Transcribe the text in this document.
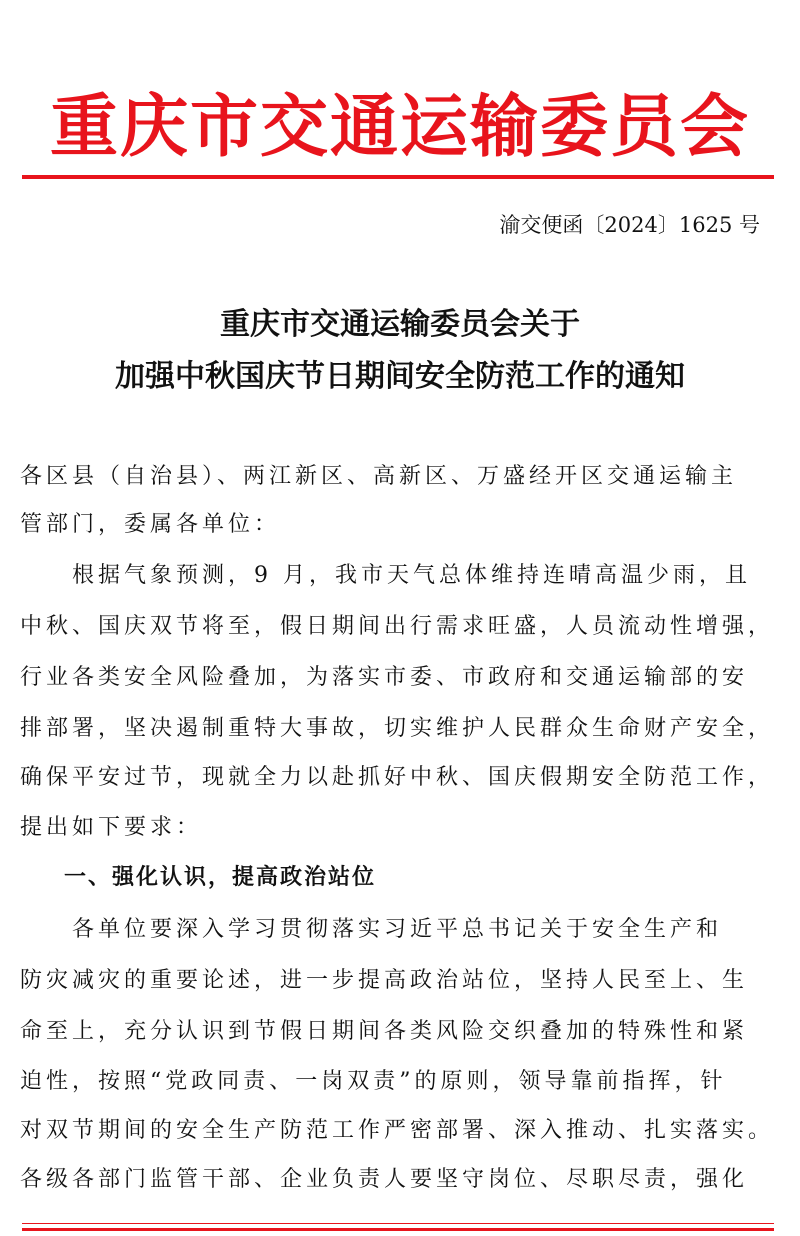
重庆市交通运输委员会
渝交便函〔2024〕1625 号
重庆市交通运输委员会关于
加强中秋国庆节日期间安全防范工作的通知
各区县（自治县）、两江新区、高新区、万盛经开区交通运输主
管部门，委属各单位：
　　根据气象预测，9 月，我市天气总体维持连晴高温少雨，且
中秋、国庆双节将至，假日期间出行需求旺盛，人员流动性增强，
行业各类安全风险叠加，为落实市委、市政府和交通运输部的安
排部署，坚决遏制重特大事故，切实维护人民群众生命财产安全，
确保平安过节，现就全力以赴抓好中秋、国庆假期安全防范工作，
提出如下要求：
一、强化认识，提高政治站位
　　各单位要深入学习贯彻落实习近平总书记关于安全生产和
防灾减灾的重要论述，进一步提高政治站位，坚持人民至上、生
命至上，充分认识到节假日期间各类风险交织叠加的特殊性和紧
迫性，按照“党政同责、一岗双责”的原则，领导靠前指挥，针
对双节期间的安全生产防范工作严密部署、深入推动、扎实落实。
各级各部门监管干部、企业负责人要坚守岗位、尽职尽责，强化
